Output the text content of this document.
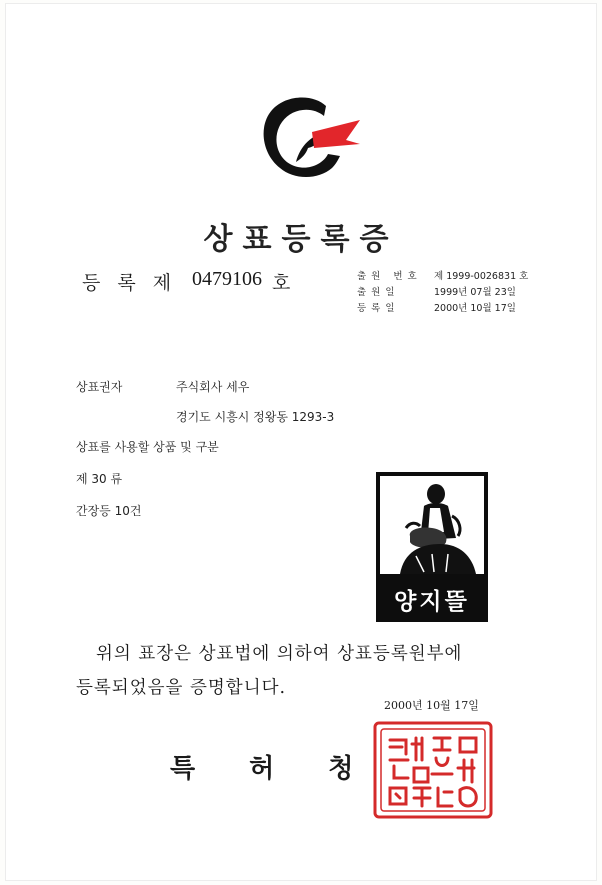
상표등록증
등록제 0479106 호	출원 번호 제 1999-0026831 호
출원일	1999년 07월 23일
등록일	2000년 10월 17일
상표권자	주식회사 세우
경기도 시흥시 정왕동 1293-3
상표를 사용할 상품 및 구분
제 30 류
간장등 10건
양지뜰
위의 표장은 상표법에 의하여 상표등록원부에
등록되었음을 증명합니다.
2000년 10월 17일
특허청
